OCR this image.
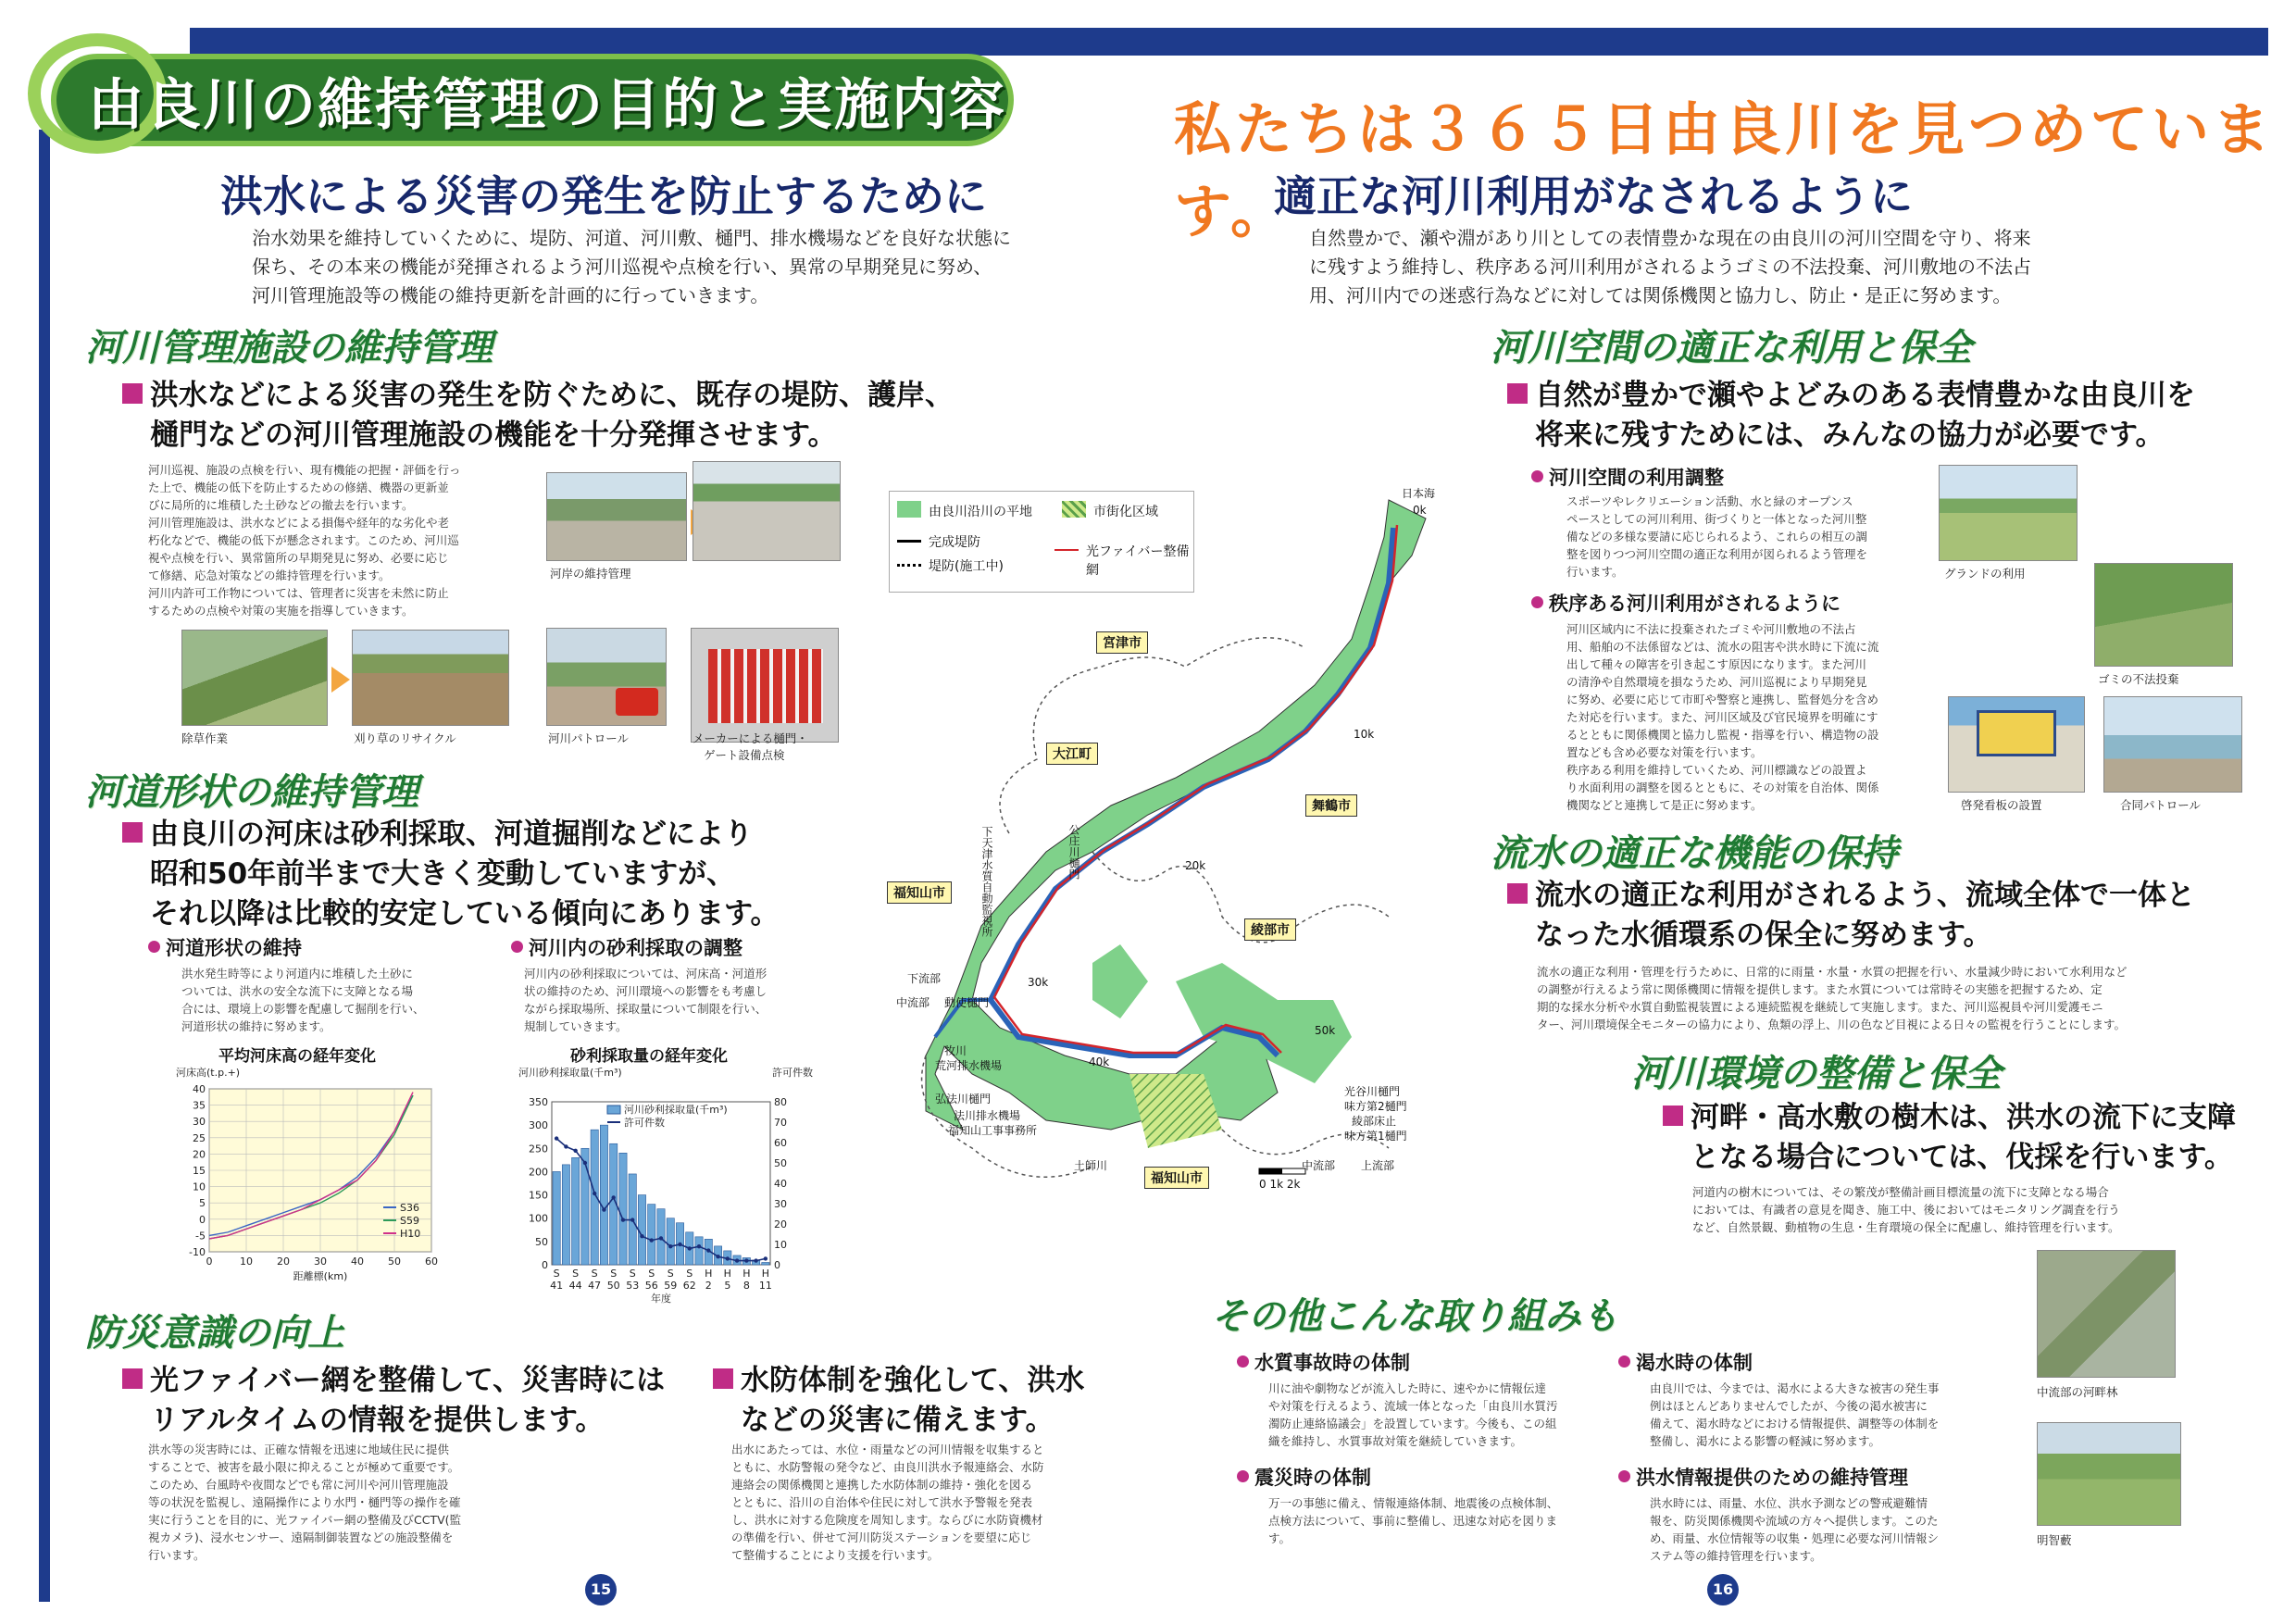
由良川の維持管理の目的と実施内容	私たちは３６５日由良川を見つめています。
洪水による災害の発生を防止するために
治水効果を維持していくために、堤防、河道、河川敷、樋門、排水機場などを良好な状態に
保ち、その本来の機能が発揮されるよう河川巡視や点検を行い、異常の早期発見に努め、
河川管理施設等の機能の維持更新を計画的に行っていきます。
河川管理施設の維持管理
洪水などによる災害の発生を防ぐために、既存の堤防、護岸、
樋門などの河川管理施設の機能を十分発揮させます。
河川巡視、施設の点検を行い、現有機能の把握・評価を行っ
た上で、機能の低下を防止するための修繕、機器の更新並
びに局所的に堆積した土砂などの撤去を行います。
河川管理施設は、洪水などによる損傷や経年的な劣化や老
朽化などで、機能の低下が懸念されます。このため、河川巡
視や点検を行い、異常箇所の早期発見に努め、必要に応じ
て修繕、応急対策などの維持管理を行います。
河川内許可工作物については、管理者に災害を未然に防止
するための点検や対策の実施を指導していきます。
河岸の維持管理
除草作業	刈り草のリサイクル	河川パトロール	メーカーによる樋門・
ゲート設備点検
河道形状の維持管理
由良川の河床は砂利採取、河道掘削などにより
昭和50年前半まで大きく変動していますが、
それ以降は比較的安定している傾向にあります。
河道形状の維持
洪水発生時等により河道内に堆積した土砂に
ついては、洪水の安全な流下に支障となる場
合には、環境上の影響を配慮して掘削を行い、
河道形状の維持に努めます。
河川内の砂利採取の調整
河川内の砂利採取については、河床高・河道形
状の維持のため、河川環境への影響をも考慮し
ながら採取場所、採取量について制限を行い、
規制していきます。
平均河床高の経年変化
河床高(t.p.+)
-10
-5
0
5
10
15
20
25
30
35
40
0	10 20 30 40 50 60
距離標(km)
S36
S59
H10
砂利採取量の経年変化
河川砂利採取量(千m³)	許可件数
0
50
100
150
200
250
300
350
0
10
20
30
40
50
60
70
80
S
41
S
44
S
47
S
50
S
53
S
56
S
59
S
62
H
2
H
5
H
8
H
11
年度
河川砂利採取量(千m³)
許可件数
防災意識の向上
光ファイバー網を整備して、災害時には
リアルタイムの情報を提供します。
洪水等の災害時には、正確な情報を迅速に地域住民に提供
することで、被害を最小限に抑えることが極めて重要です。
このため、台風時や夜間などでも常に河川や河川管理施設
等の状況を監視し、遠隔操作により水門・樋門等の操作を確
実に行うことを目的に、光ファイバー網の整備及びCCTV(監
視カメラ)、浸水センサー、遠隔制御装置などの施設整備を
行います。
水防体制を強化して、洪水
などの災害に備えます。
出水にあたっては、水位・雨量などの河川情報を収集すると
ともに、水防警報の発令など、由良川洪水予報連絡会、水防
連絡会の関係機関と連携した水防体制の維持・強化を図る
とともに、沿川の自治体や住民に対して洪水予警報を発表
し、洪水に対する危険度を周知します。ならびに水防資機材
の準備を行い、併せて河川防災ステーションを要望に応じ
て整備することにより支援を行います。
15
由良川沿川の平地	市街化区域
完成堤防
堤防(施工中)
光ファイバー整備網
日本海
0k
宮津市
大江町
舞鶴市
福知山市
綾部市
福知山市
10k
20k
30k
40k
50k
下流部
中流部 動使樋門
中流部 上流部
0 1k 2k
土師川
牧川
荒河排水機場
弘法川樋門
法川排水機場
福知山工事事務所
光谷川樋門
味方第2樋門
綾部床止
味方第1樋門
下天津水質自動監視所	公庄川樋門
適正な河川利用がなされるように
自然豊かで、瀬や淵があり川としての表情豊かな現在の由良川の河川空間を守り、将来
に残すよう維持し、秩序ある河川利用がされるようゴミの不法投棄、河川敷地の不法占
用、河川内での迷惑行為などに対しては関係機関と協力し、防止・是正に努めます。
河川空間の適正な利用と保全
自然が豊かで瀬やよどみのある表情豊かな由良川を
将来に残すためには、みんなの協力が必要です。
河川空間の利用調整
スポーツやレクリエーション活動、水と緑のオープンス
ペースとしての河川利用、街づくりと一体となった河川整
備などの多様な要請に応じられるよう、これらの相互の調
整を図りつつ河川空間の適正な利用が図られるよう管理を
行います。
秩序ある河川利用がされるように
河川区域内に不法に投棄されたゴミや河川敷地の不法占
用、船舶の不法係留などは、流水の阻害や洪水時に下流に流
出して種々の障害を引き起こす原因になります。また河川
の清浄や自然環境を損なうため、河川巡視により早期発見
に努め、必要に応じて市町や警察と連携し、監督処分を含め
た対応を行います。また、河川区域及び官民境界を明確にす
るとともに関係機関と協力し監視・指導を行い、構造物の設
置なども含め必要な対策を行います。
秩序ある利用を維持していくため、河川標識などの設置よ
り水面利用の調整を図るとともに、その対策を自治体、関係
機関などと連携して是正に努めます。
グランドの利用
ゴミの不法投棄
啓発看板の設置	合同パトロール
流水の適正な機能の保持
流水の適正な利用がされるよう、流域全体で一体と
なった水循環系の保全に努めます。
流水の適正な利用・管理を行うために、日常的に雨量・水量・水質の把握を行い、水量減少時において水利用など
の調整が行えるよう常に関係機関に情報を提供します。また水質については常時その実態を把握するため、定
期的な採水分析や水質自動監視装置による連続監視を継続して実施します。また、河川巡視員や河川愛護モニ
ター、河川環境保全モニターの協力により、魚類の浮上、川の色など目視による日々の監視を行うことにします。
河川環境の整備と保全
河畔・高水敷の樹木は、洪水の流下に支障
となる場合については、伐採を行います。
河道内の樹木については、その繁茂が整備計画目標流量の流下に支障となる場合
においては、有識者の意見を聞き、施工中、後においてはモニタリング調査を行う
など、自然景観、動植物の生息・生育環境の保全に配慮し、維持管理を行います。
その他こんな取り組みも
水質事故時の体制
川に油や劇物などが流入した時に、速やかに情報伝達
や対策を行えるよう、流域一体となった「由良川水質汚
濁防止連絡協議会」を設置しています。今後も、この組
織を維持し、水質事故対策を継続していきます。
震災時の体制
万一の事態に備え、情報連絡体制、地震後の点検体制、
点検方法について、事前に整備し、迅速な対応を図りま
す。
渇水時の体制
由良川では、今までは、渇水による大きな被害の発生事
例はほとんどありませんでしたが、今後の渇水被害に
備えて、渇水時などにおける情報提供、調整等の体制を
整備し、渇水による影響の軽減に努めます。
洪水情報提供のための維持管理
洪水時には、雨量、水位、洪水予測などの警戒避難情
報を、防災関係機関や流域の方々へ提供します。このた
め、雨量、水位情報等の収集・処理に必要な河川情報シ
ステム等の維持管理を行います。
中流部の河畔林
明智藪
16
